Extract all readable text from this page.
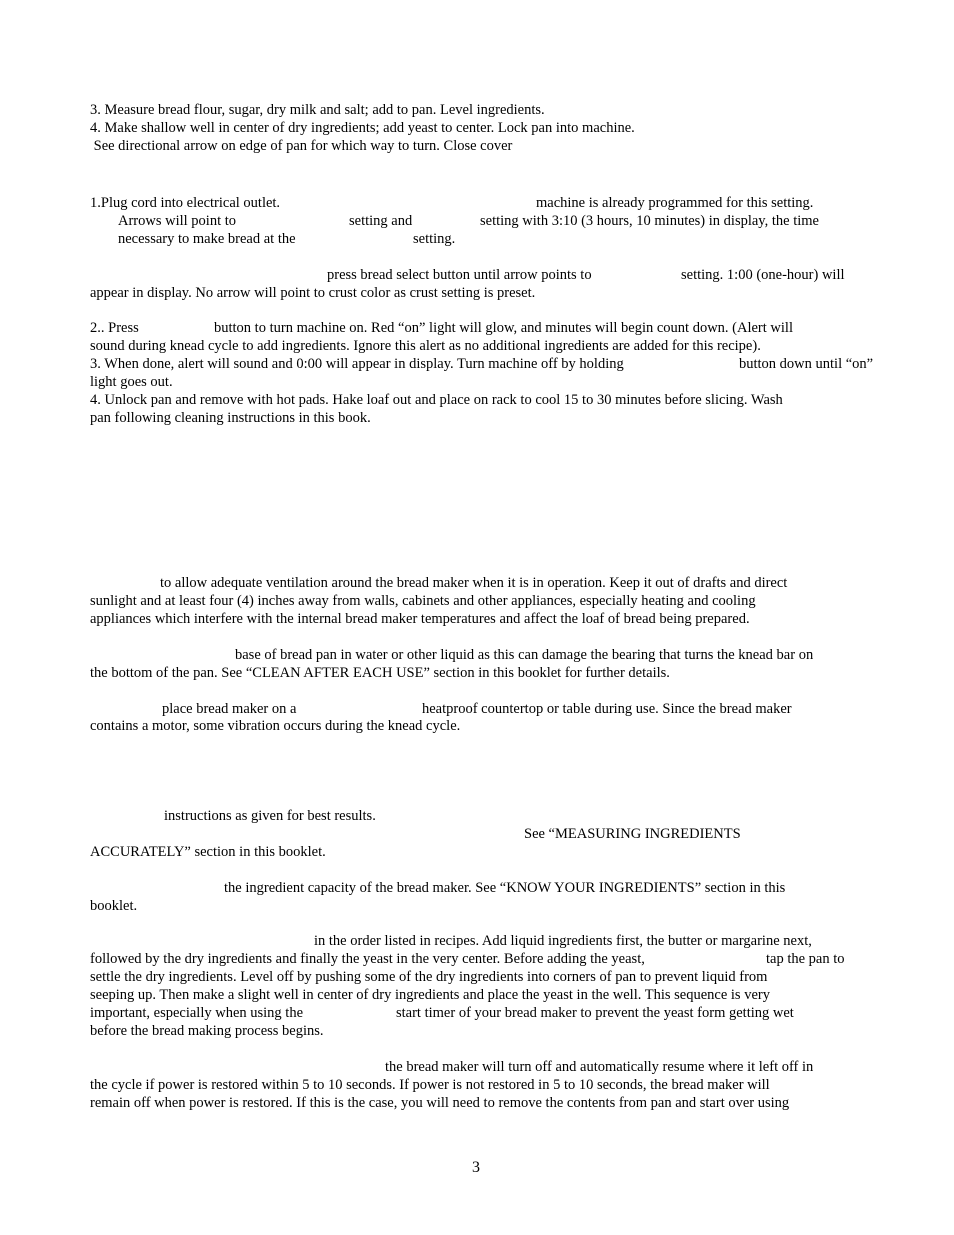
3. Measure bread flour, sugar, dry milk and salt; add to pan. Level ingredients.
4. Make shallow well in center of dry ingredients; add yeast to center. Lock pan into machine.
See directional arrow on edge of pan for which way to turn. Close cover
1.Plug cord into electrical outlet.	machine is already programmed for this setting.
Arrows will point to	setting and	setting with 3:10 (3 hours, 10 minutes) in display, the time
necessary to make bread at the	setting.
press bread select button until arrow points to	setting. 1:00 (one-hour) will
appear in display. No arrow will point to crust color as crust setting is preset.
2.. Press	button to turn machine on. Red “on” light will glow, and minutes will begin count down. (Alert will
sound during knead cycle to add ingredients. Ignore this alert as no additional ingredients are added for this recipe).
3. When done, alert will sound and 0:00 will appear in display. Turn machine off by holding	button down until “on”
light goes out.
4. Unlock pan and remove with hot pads. Hake loaf out and place on rack to cool 15 to 30 minutes before slicing. Wash
pan following cleaning instructions in this book.
to allow adequate ventilation around the bread maker when it is in operation. Keep it out of drafts and direct
sunlight and at least four (4) inches away from walls, cabinets and other appliances, especially heating and cooling
appliances which interfere with the internal bread maker temperatures and affect the loaf of bread being prepared.
base of bread pan in water or other liquid as this can damage the bearing that turns the knead bar on
the bottom of the pan. See “CLEAN AFTER EACH USE” section in this booklet for further details.
place bread maker on a	heatproof countertop or table during use. Since the bread maker
contains a motor, some vibration occurs during the knead cycle.
instructions as given for best results.
See “MEASURING INGREDIENTS
ACCURATELY” section in this booklet.
the ingredient capacity of the bread maker. See “KNOW YOUR INGREDIENTS” section in this
booklet.
in the order listed in recipes. Add liquid ingredients first, the butter or margarine next,
followed by the dry ingredients and finally the yeast in the very center. Before adding the yeast,	tap the pan to
settle the dry ingredients. Level off by pushing some of the dry ingredients into corners of pan to prevent liquid from
seeping up. Then make a slight well in center of dry ingredients and place the yeast in the well. This sequence is very
important, especially when using the	start timer of your bread maker to prevent the yeast form getting wet
before the bread making process begins.
the bread maker will turn off and automatically resume where it left off in
the cycle if power is restored within 5 to 10 seconds. If power is not restored in 5 to 10 seconds, the bread maker will
remain off when power is restored. If this is the case, you will need to remove the contents from pan and start over using
3
